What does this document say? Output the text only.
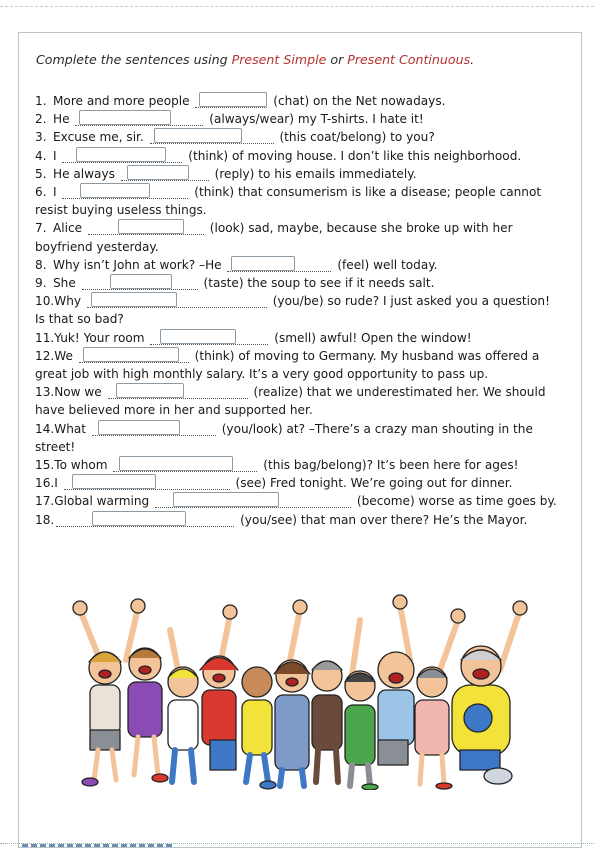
Complete the sentences using Present Simple or Present Continuous.

1. More and more people	(chat) on the Net nowadays.

2. He	(always/wear) my T-shirts. I hate it!

3. Excuse me, sir.	(this coat/belong) to you?

4. I	(think) of moving house. I don’t like this neighborhood.

5. He always	(reply) to his emails immediately.

6. I	(think) that consumerism is like a disease; people cannot

resist buying useless things.

7. Alice	(look) sad, maybe, because she broke up with her

boyfriend yesterday.

8. Why isn’t John at work? –He	(feel) well today.

9. She	(taste) the soup to see if it needs salt.

10.Why	(you/be) so rude? I just asked you a question!

Is that so bad?

11.Yuk! Your room	(smell) awful! Open the window!

12.We	(think) of moving to Germany. My husband was offered a

great job with high monthly salary. It’s a very good opportunity to pass up.

13.Now we	(realize) that we underestimated her. We should

have believed more in her and supported her.

14.What	(you/look) at? –There’s a crazy man shouting in the

street!

15.To whom	(this bag/belong)? It’s been here for ages!

16.I	(see) Fred tonight. We’re going out for dinner.

17.Global warming	(become) worse as time goes by.

18.	(you/see) that man over there? He’s the Mayor.
